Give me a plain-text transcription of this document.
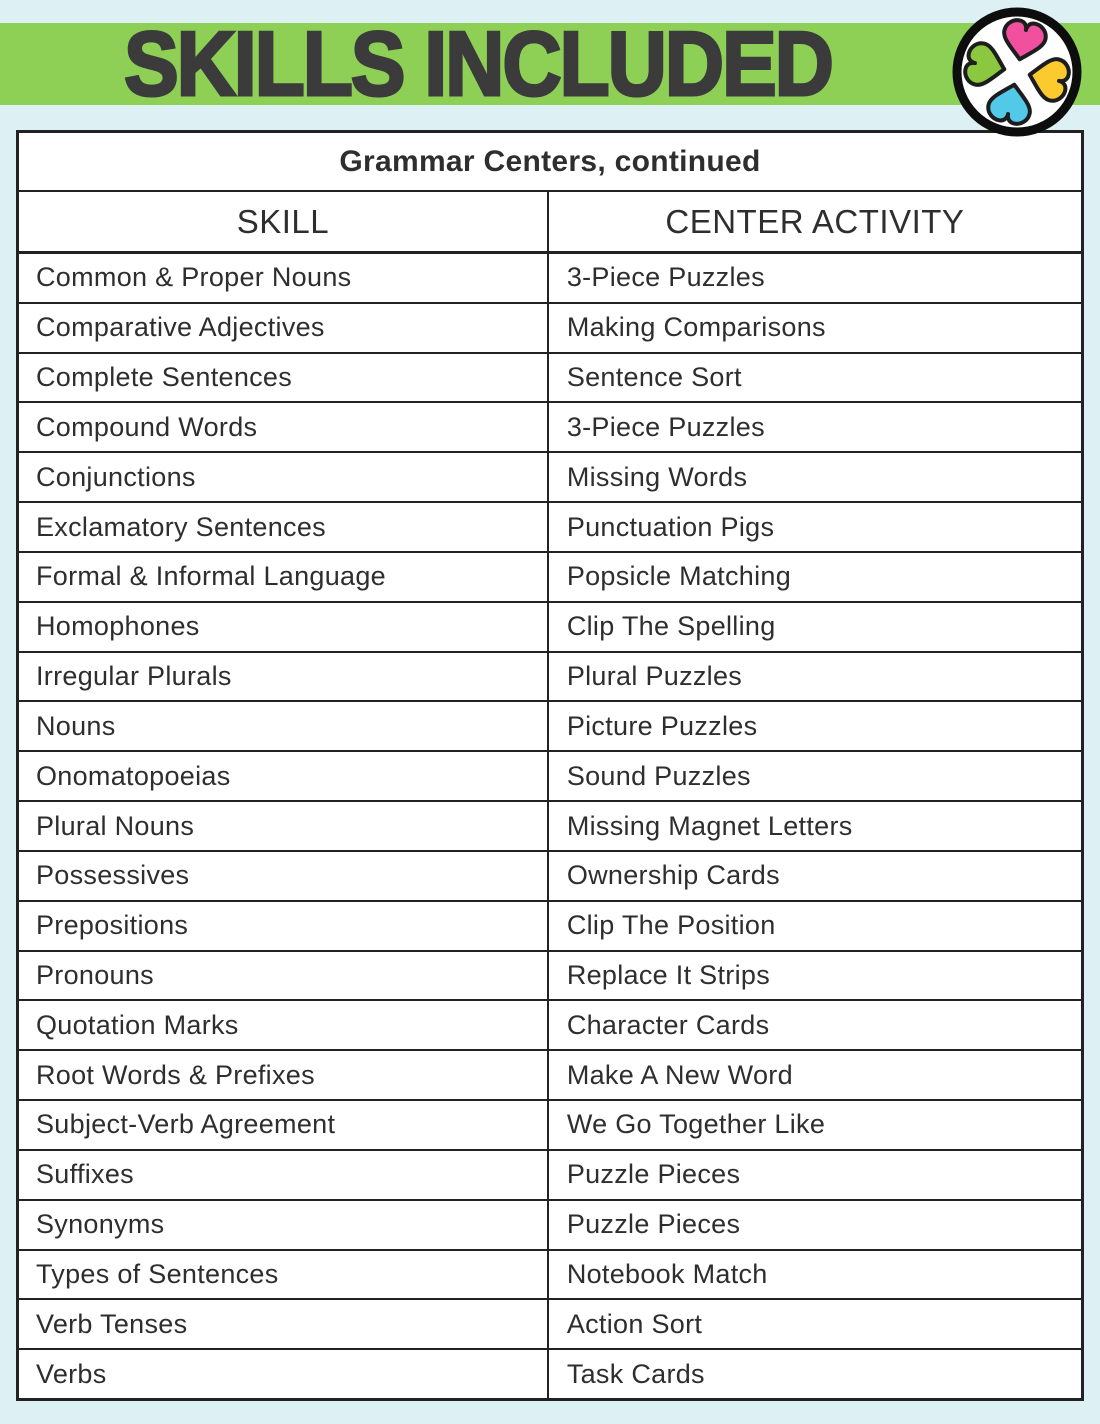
SKILLS INCLUDED
Grammar Centers, continued
SKILL	CENTER ACTIVITY
Common & Proper Nouns	3-Piece Puzzles
Comparative Adjectives	Making Comparisons
Complete Sentences	Sentence Sort
Compound Words	3-Piece Puzzles
Conjunctions	Missing Words
Exclamatory Sentences	Punctuation Pigs
Formal & Informal Language	Popsicle Matching
Homophones	Clip The Spelling
Irregular Plurals	Plural Puzzles
Nouns	Picture Puzzles
Onomatopoeias	Sound Puzzles
Plural Nouns	Missing Magnet Letters
Possessives	Ownership Cards
Prepositions	Clip The Position
Pronouns	Replace It Strips
Quotation Marks	Character Cards
Root Words & Prefixes	Make A New Word
Subject-Verb Agreement	We Go Together Like
Suffixes	Puzzle Pieces
Synonyms	Puzzle Pieces
Types of Sentences	Notebook Match
Verb Tenses	Action Sort
Verbs	Task Cards
